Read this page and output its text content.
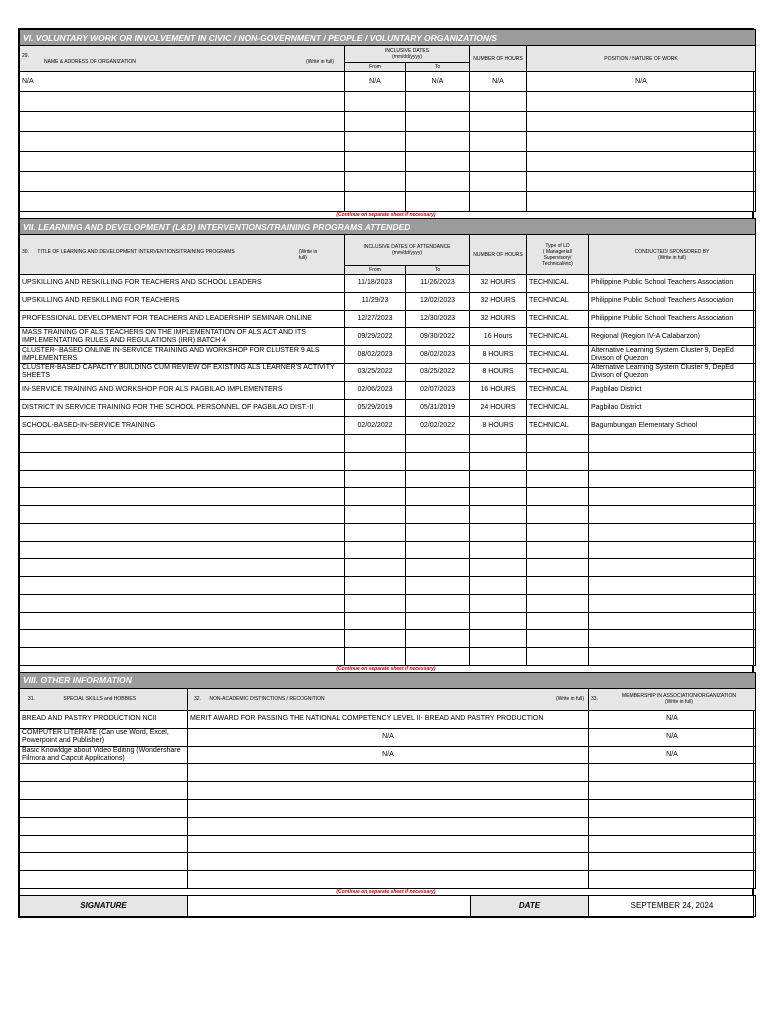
VI. VOLUNTARY WORK OR INVOLVEMENT IN CIVIC / NON-GOVERNMENT / PEOPLE / VOLUNTARY ORGANIZATION/S				
29.
NAME & ADDRESS OF ORGANIZATION (Write in full)	INCLUSIVE DATES
(mm/dd/yyyy)		NUMBER OF HOURS	POSITION / NATURE OF WORK
	From	To		
N/A	N/A	N/A	N/A	N/A

(Continue on separate sheet if necessary)
VII. LEARNING AND DEVELOPMENT (L&D) INTERVENTIONS/TRAINING PROGRAMS ATTENDED					
30. TITLE OF LEARNING AND DEVELOPMENT INTERVENTIONS/TRAINING PROGRAMS (Write in full)	INCLUSIVE DATES OF ATTENDANCE
(mm/dd/yyyy)		NUMBER OF HOURS	Type of LD
( Managerial/ Supervisory/ Technical/etc)	CONDUCTED/ SPONSORED BY
(Write in full)
	From	To			
UPSKILLING AND RESKILLING FOR TEACHERS AND SCHOOL LEADERS	11/18/2023	11/26/2023	32 HOURS	TECHNICAL	Philippine Public School Teachers Association
UPSKILLING AND RESKILLING FOR TEACHERS	11/29/23	12/02/2023	32 HOURS	TECHNICAL	Philippine Public School Teachers Association
PROFESSIONAL DEVELOPMENT FOR TEACHERS AND LEADERSHIP SEMINAR ONLINE	12/27/2023	12/30/2023	32 HOURS	TECHNICAL	Philippine Public School Teachers Association
MASS TRAINING OF ALS TEACHERS ON THE IMPLEMENTATION OF ALS ACT AND ITS IMPLEMENTATING RULES AND REGULATIONS (IRR) BATCH 4	09/29/2022	09/30/2022	16 Hours	TECHNICAL	Regional (Region IV-A Calabarzon)
CLUSTER- BASED ONLINE IN-SERVICE TRAINING AND WORKSHOP FOR CLUSTER 9 ALS IMPLEMENTERS	08/02/2023	08/02/2023	8 HOURS	TECHNICAL	Alternative Learning System Cluster 9, DepEd Divison of Quezon
CLUSTER-BASED CAPACITY BUILDING CUM REVIEW OF EXISTING ALS LEARNER'S ACTIVITY SHEETS	03/25/2022	03/25/2022	8 HOURS	TECHNICAL	Alternative Learning System Cluster 9, DepEd Divison of Quezon
IN-SERVICE TRAINING AND WORKSHOP FOR ALS PAGBILAO IMPLEMENTERS	02/06/2023	02/07/2023	16 HOURS	TECHNICAL	Pagbilao District
DISTRICT IN SERVICE TRAINING FOR THE SCHOOL PERSONNEL OF PAGBILAO DIST.-II	05/29/2019	05/31/2019	24 HOURS	TECHNICAL	Pagbilao District
SCHOOL-BASED-IN-SERVICE TRAINING	02/02/2022	02/02/2022	8 HOURS	TECHNICAL	Bagumbungan Elementary School

(Continue on separate sheet if necessary)
VIII. OTHER INFORMATION		
31. SPECIAL SKILLS and HOBBIES	32. NON-ACADEMIC DISTINCTIONS / RECOGNITION (Write in full)	33. MEMBERSHIP IN ASSOCIATION/ORGANIZATION
(Write in full)

BREAD AND PASTRY PRODUCTION NCII	MERIT AWARD FOR PASSING THE NATIONAL COMPETENCY LEVEL II- BREAD AND PASTRY PRODUCTION	N/A
COMPUTER LITERATE (Can use Word, Excel, Powerpoint and Publisher)	N/A	N/A
Basic Knowldge about Video Editing (Wondershare Filmora and Capcut Applications)	N/A	N/A

(Continue on separate sheet if necessary)
SIGNATURE		DATE	SEPTEMBER 24, 2024
